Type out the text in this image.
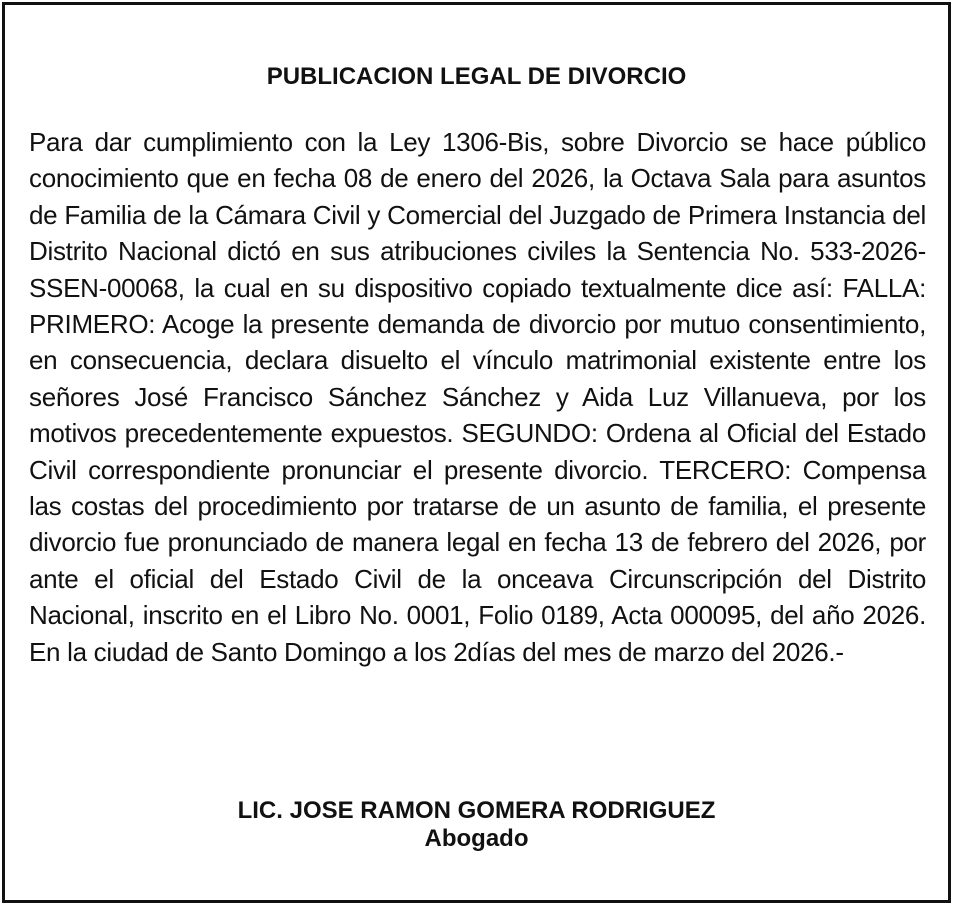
PUBLICACION LEGAL DE DIVORCIO

Para dar cumplimiento con la Ley 1306-Bis, sobre Divorcio se hace público conocimiento que en fecha 08 de enero del 2026, la Octava Sala para asuntos de Familia de la Cámara Civil y Comercial del Juzgado de Primera Instancia del Distrito Nacional dictó en sus atribuciones civiles la Sentencia No. 533-2026-SSEN-00068, la cual en su dispositivo copiado textualmente dice así: FALLA: PRIMERO: Acoge la presente demanda de divorcio por mutuo consentimiento, en consecuencia, declara disuelto el vínculo matrimonial existente entre los señores José Francisco Sánchez Sánchez y Aida Luz Villanueva, por los motivos precedentemente expuestos. SEGUNDO: Ordena al Oficial del Estado Civil correspondiente pronunciar el presente divorcio. TERCERO: Compensa las costas del procedimiento por tratarse de un asunto de familia, el presente divorcio fue pronunciado de manera legal en fecha 13 de febrero del 2026, por ante el oficial del Estado Civil de la onceava Circunscripción del Distrito Nacional, inscrito en el Libro No. 0001, Folio 0189, Acta 000095, del año 2026. En la ciudad de Santo Domingo a los 2días del mes de marzo del 2026.-

LIC. JOSE RAMON GOMERA RODRIGUEZ
Abogado
